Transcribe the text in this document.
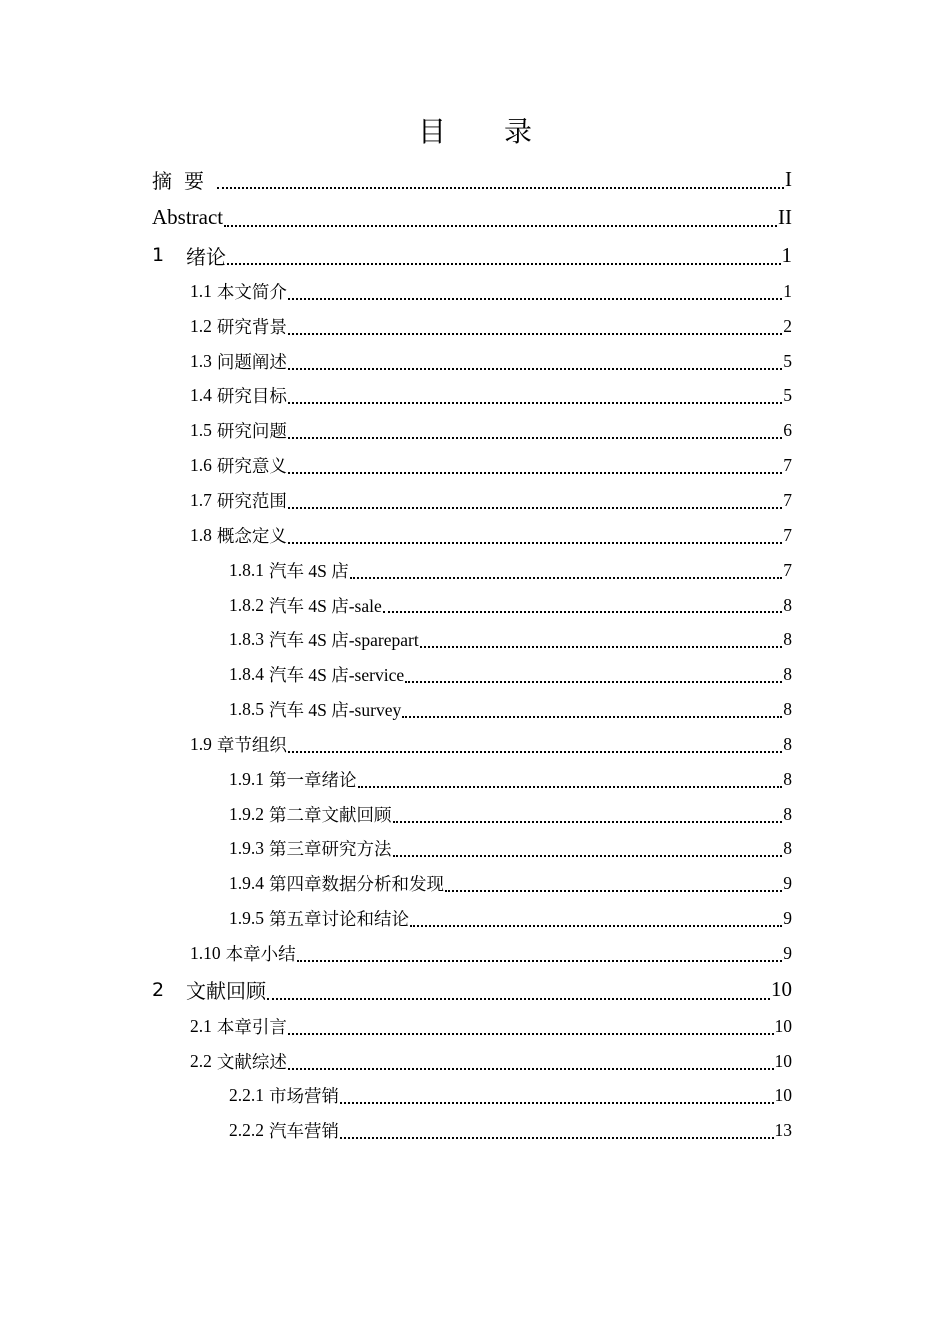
目 录
摘要	I
Abstract	II
1	绪论	1
1.1 本文简介	1
1.2 研究背景	2
1.3 问题阐述	5
1.4 研究目标	5
1.5 研究问题	6
1.6 研究意义	7
1.7 研究范围	7
1.8 概念定义	7
1.8.1 汽车 4S 店	7
1.8.2 汽车 4S 店-sale	8
1.8.3 汽车 4S 店-sparepart	8
1.8.4 汽车 4S 店-service	8
1.8.5 汽车 4S 店-survey	8
1.9 章节组织	8
1.9.1 第一章绪论	8
1.9.2 第二章文献回顾	8
1.9.3 第三章研究方法	8
1.9.4 第四章数据分析和发现	9
1.9.5 第五章讨论和结论	9
1.10 本章小结	9
2	文献回顾	10
2.1 本章引言	10
2.2 文献综述	10
2.2.1 市场营销	10
2.2.2 汽车营销	13
